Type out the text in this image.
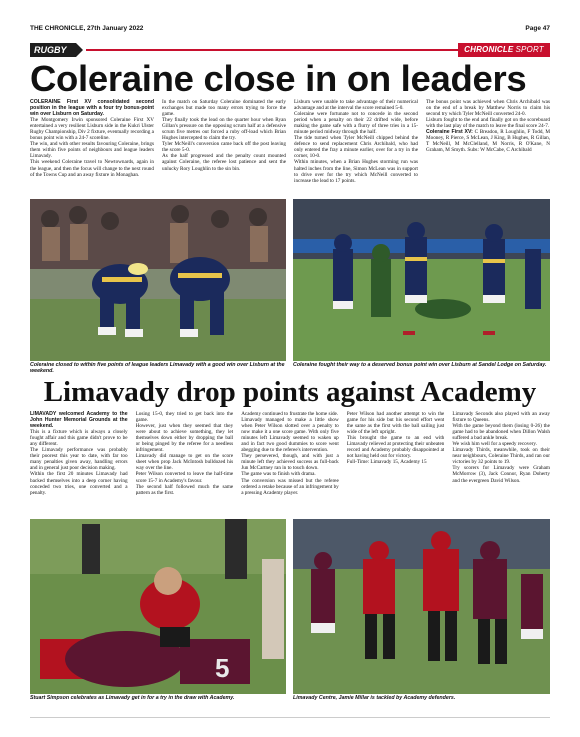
THE CHRONICLE, 27th January 2022	Page 47
RUGBY	CHRONICLE SPORT
Coleraine close in on leaders

COLERAINE First XV consolidated second position in the league with a four try bonus-point win over Lisburn on Saturday.

The Montgomery Irwin sponsored Coleraine First XV entertained a very resilient Lisburn side in the Kukri Ulster Rugby Championship, Div 2 fixture, eventually recording a bonus point win with a 24-7 scoreline.

The win, and with other results favouring Coleraine, brings them within five points of neighbours and league leaders Limavady.

This weekend Coleraine travel to Newtownards, again in the league, and then the focus will change to the next round of the Towns Cup and an away fixture in Monaghan.

In the match on Saturday Coleraine dominated the early exchanges but made too many errors trying to force the game.

They finally took the lead on the quarter hour when Ryan Gillan's pressure on the opposing scrum half at a defensive scrum five metres out forced a ruby off-load which Brian Hughes intercepted to claim the try.

Tyler McNeill's conversion came back off the post leaving the score 5-0.

As the half progressed and the penalty count mounted against Coleraine, the referee lost patience and sent the unlucky Rory Loughlin to the sin bin.

Lisburn were unable to take advantage of their numerical advantage and at the interval the score remained 5-0.

Coleraine were fortunate not to concede in the second period when a penalty on their 22 drifted wide, before making the game safe with a flurry of three tries in a 15-minute period midway through the half.

The tide turned when Tyler McNeill chipped behind the defence to send replacement Chris Archibald, who had only entered the fray a minute earlier, over for a try in the corner, 10-0.

Within minutes, when a Brian Hughes storming run was halted inches from the line, Simon McLean was in support to drive over for the try which McNeill converted to increase the lead to 17 points.

The bonus point was achieved when Chris Archibald was on the end of a break by Matthew Norris to claim his second try which Tyler McNeill converted 24-0.

Lisburn fought to the end and finally got on the scoreboard with the last play of the match to leave the final score 24-7.

Coleraine First XV: C Breadon, R Loughlin, F Todd, M Mooney, R Pierce, S McLean, J King, B Hughes, R Gillan, T McNeill, M McClelland, M Norris, R O'Kane, N Graham, M Smyth. Subs: W McCabe, C Archibald

Coleraine closed to within five points of league leaders Limavady with a good win over Lisburn at the weekend.
Coleraine fought their way to a deserved bonus point win over Lisburn at Sandel Lodge on Saturday.
Limavady drop points against Academy

LIMAVADY welcomed Academy to the John Hunter Memorial Grounds at the weekend.

This is a fixture which is always a closely fought affair and this game didn't prove to be any different.

The Limavady performance was probably their poorest this year to date, with far too many penalties given away, handling errors and in general just poor decision making.

Within the first 20 minutes Limavady had backed themselves into a deep corner having conceded two tries, one converted and a penalty.

Losing 15-0, they tried to get back into the game.

However, just when they seemed that they were about to achieve something, they let themselves down either by dropping the ball or being pinged by the referee for a needless infringement.

Limavady did manage to get on the score sheet when prop Jack McIntosh bulldozed his way over the line.

Peter Wilson converted to leave the half-time score 15-7 in Academy's favour.

The second half followed much the same pattern as the first.

Academy continued to frustrate the home side.

Limavady managed to make a little show when Peter Wilson slotted over a penalty to now make it a one score game. With only five minutes left Limavady seemed to waken up and in fact two good dummies to score went abegging due to the referee's intervention.

They persevered, though, and with just a minute left they achieved success as full-back Jun McCartney ran in to touch down.

The game was to finish with drama.

The conversion was missed but the referee ordered a retake because of an infringement by a pressing Academy player.

Peter Wilson had another attempt to win the game for his side but his second effort went the same as the first with the ball sailing just wide of the left upright.

This brought the game to an end with Limavady relieved at protecting their unbeaten record and Academy probably disappointed at not having held out for victory.

Full-Time: Limavady 15, Academy 15

Limavady Seconds also played with an away fixture to Queens.

With the game beyond them (losing 0-26) the game had to be abandoned when Dillon Walsh suffered a bad ankle break.

We wish him well for a speedy recovery.

Limavady Thirds, meanwhile, took on their near neighbours, Coleraine Thirds, and ran our victories by 32 points to 19.

Try scorers for Limavady were Graham McMorrow (3), Jack Connor, Ryan Doherty and the evergreen David Wilson.

5
Stuart Simpson celebrates as Limavady get in for a try in the draw with Academy.	Limavady Centre, Jamie Millar is tackled by Academy defenders.
